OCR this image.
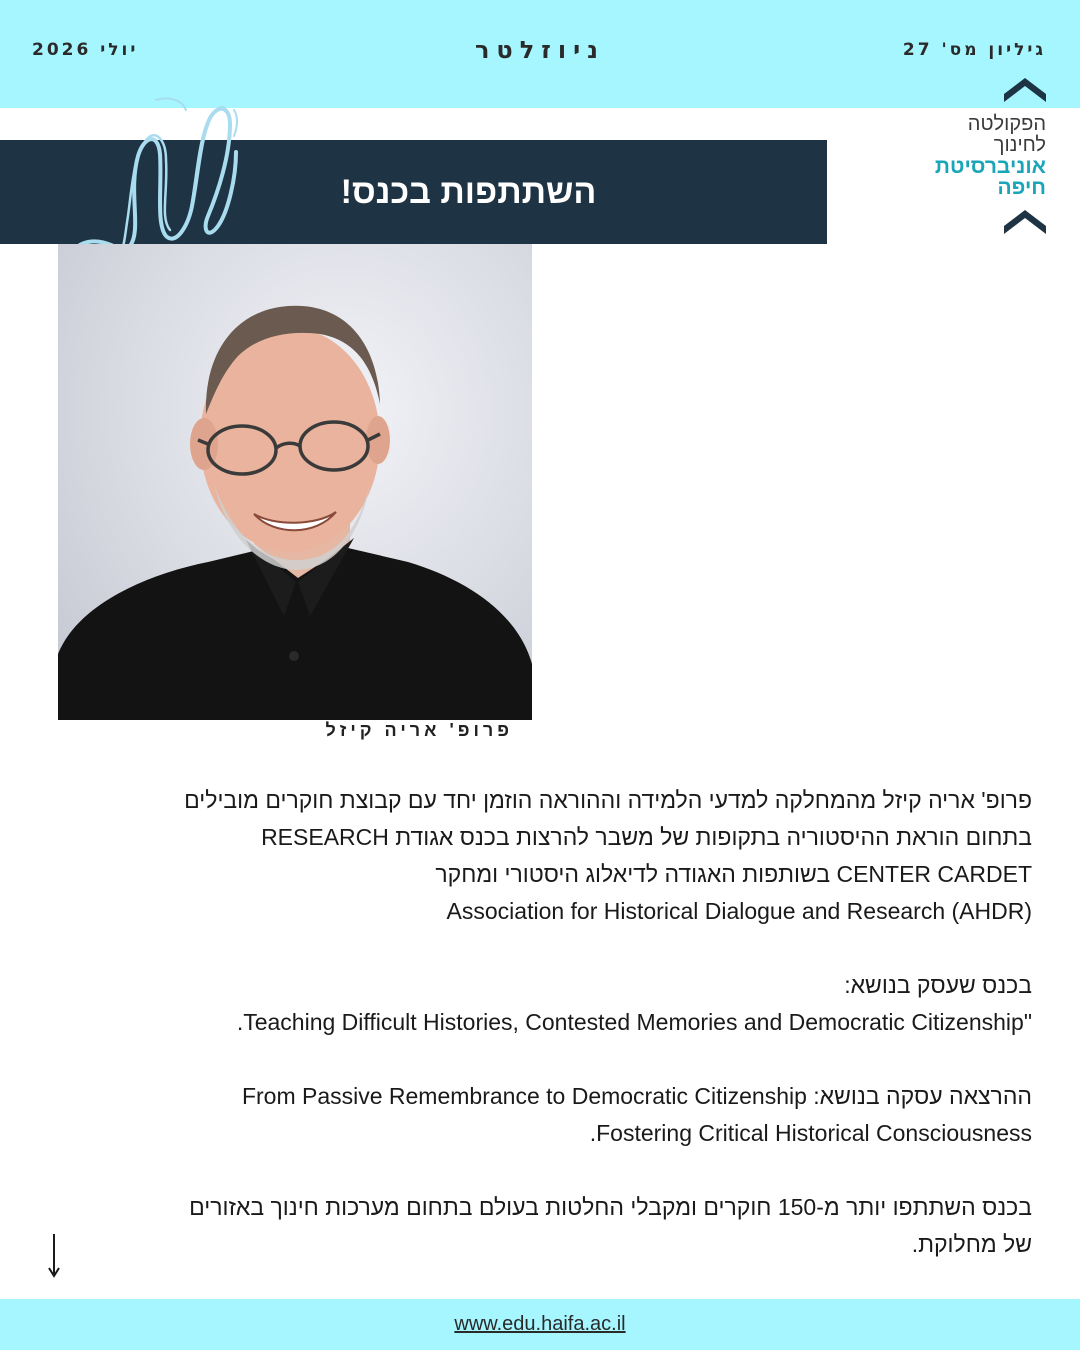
גיליון מס' 27
ניוזלטר
יולי 2026
הפקולטה
לחינוך
אוניברסיטת
חיפה
השתתפות בכנס!
פרופ' אריה קיזל

פרופ' אריה קיזל מהמחלקה למדעי הלמידה וההוראה הוזמן יחד עם קבוצת חוקרים מובילים

בתחום הוראת ההיסטוריה בתקופות של משבר להרצות בכנס אגודת RESEARCH

CENTER CARDET בשותפות האגודה לדיאלוג היסטורי ומחקר

Association for Historical Dialogue and Research (AHDR)

בכנס שעסק בנושא:

"Teaching Difficult Histories, Contested Memories and Democratic Citizenship.

ההרצאה עסקה בנושא: From Passive Remembrance to Democratic Citizenship

Fostering Critical Historical Consciousness.

בכנס השתתפו יותר מ-150 חוקרים ומקבלי החלטות בעולם בתחום מערכות חינוך באזורים

של מחלוקת.

www.edu.haifa.ac.il
